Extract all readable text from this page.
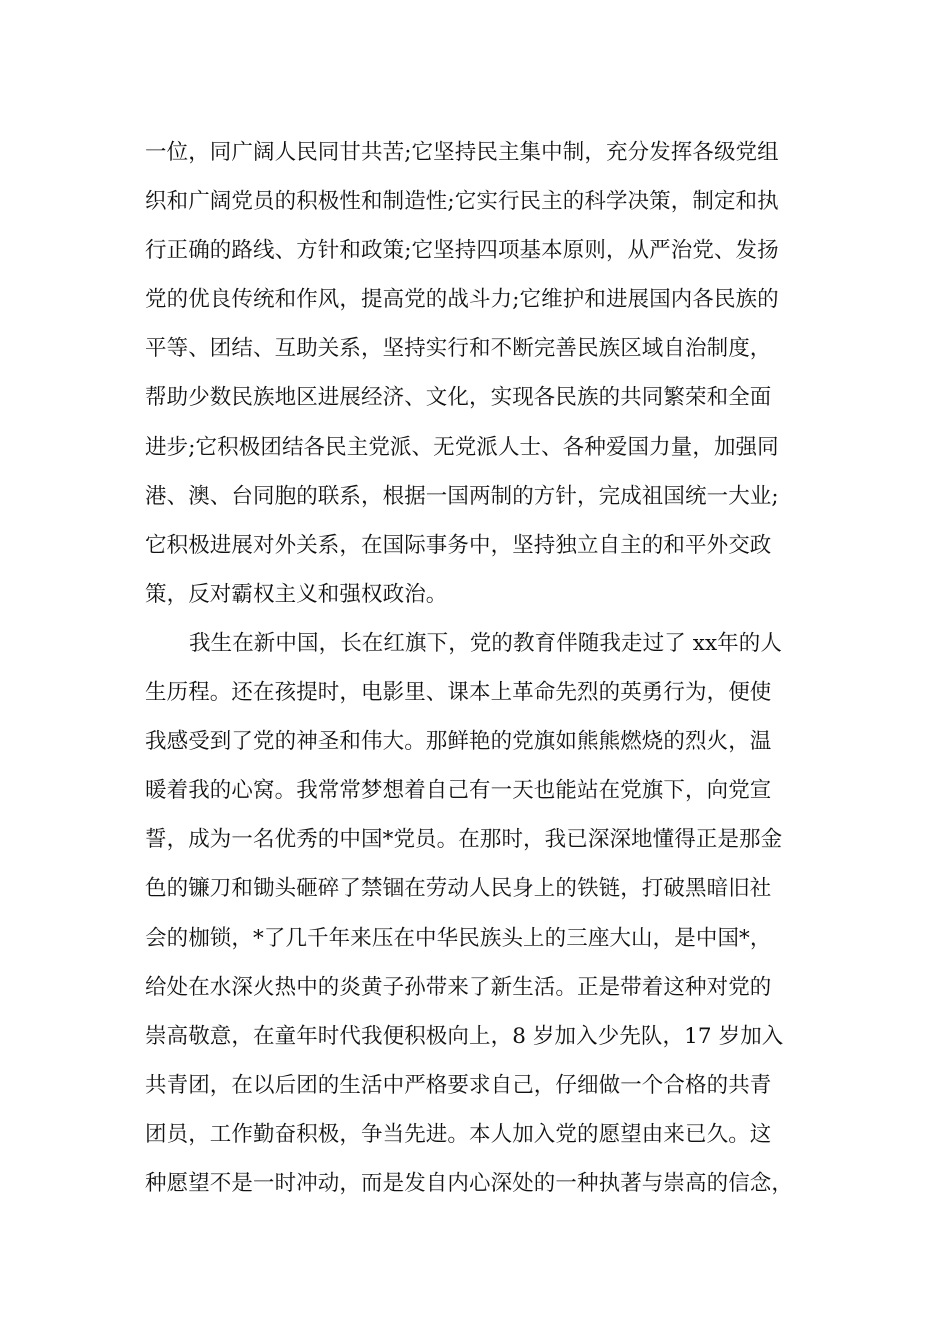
一位，同广阔人民同甘共苦;它坚持民主集中制，充分发挥各级党组
织和广阔党员的积极性和制造性;它实行民主的科学决策，制定和执
行正确的路线、方针和政策;它坚持四项基本原则，从严治党、发扬
党的优良传统和作风，提高党的战斗力;它维护和进展国内各民族的
平等、团结、互助关系，坚持实行和不断完善民族区域自治制度，
帮助少数民族地区进展经济、文化，实现各民族的共同繁荣和全面
进步;它积极团结各民主党派、无党派人士、各种爱国力量，加强同
港、澳、台同胞的联系，根据一国两制的方针，完成祖国统一大业;
它积极进展对外关系，在国际事务中，坚持独立自主的和平外交政
策，反对霸权主义和强权政治。
我生在新中国，长在红旗下，党的教育伴随我走过了 xx年的人
生历程。还在孩提时，电影里、课本上革命先烈的英勇行为，便使
我感受到了党的神圣和伟大。那鲜艳的党旗如熊熊燃烧的烈火，温
暖着我的心窝。我常常梦想着自己有一天也能站在党旗下，向党宣
誓，成为一名优秀的中国*党员。在那时，我已深深地懂得正是那金
色的镰刀和锄头砸碎了禁锢在劳动人民身上的铁链，打破黑暗旧社
会的枷锁，*了几千年来压在中华民族头上的三座大山，是中国*，
给处在水深火热中的炎黄子孙带来了新生活。正是带着这种对党的
崇高敬意，在童年时代我便积极向上，8 岁加入少先队，17 岁加入
共青团，在以后团的生活中严格要求自己，仔细做一个合格的共青
团员，工作勤奋积极，争当先进。本人加入党的愿望由来已久。这
种愿望不是一时冲动，而是发自内心深处的一种执著与崇高的信念，
